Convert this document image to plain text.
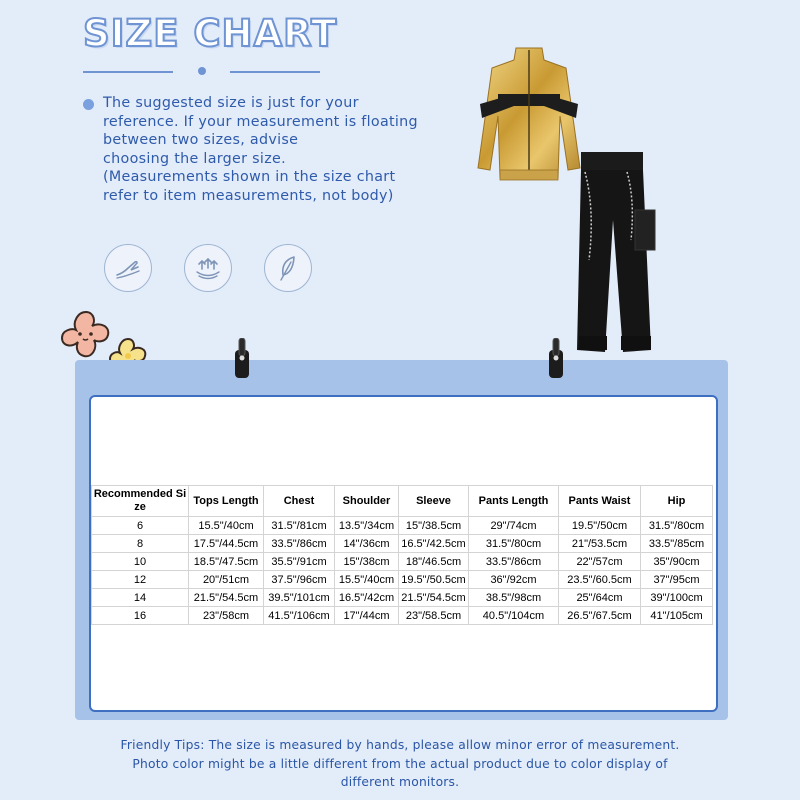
SIZE CHART

The suggested size is just for your reference. If your measurement is floating between two sizes, advise
choosing the larger size.
(Measurements shown in the size chart refer to item measurements, not body)

Recommended Size	Tops Length	Chest	Shoulder	Sleeve	Pants Length	Pants Waist	Hip
6	15.5"/40cm	31.5"/81cm	13.5"/34cm	15"/38.5cm	29"/74cm	19.5"/50cm	31.5"/80cm
8	17.5"/44.5cm	33.5"/86cm	14"/36cm	16.5"/42.5cm	31.5"/80cm	21"/53.5cm	33.5"/85cm
10	18.5"/47.5cm	35.5"/91cm	15"/38cm	18"/46.5cm	33.5"/86cm	22"/57cm	35"/90cm
12	20"/51cm	37.5"/96cm	15.5"/40cm	19.5"/50.5cm	36"/92cm	23.5"/60.5cm	37"/95cm
14	21.5"/54.5cm	39.5"/101cm	16.5"/42cm	21.5"/54.5cm	38.5"/98cm	25"/64cm	39"/100cm
16	23"/58cm	41.5"/106cm	17"/44cm	23"/58.5cm	40.5"/104cm	26.5"/67.5cm	41"/105cm

Friendly Tips: The size is measured by hands, please allow minor error of measurement.
Photo color might be a little different from the actual product due to color display of
different monitors.
